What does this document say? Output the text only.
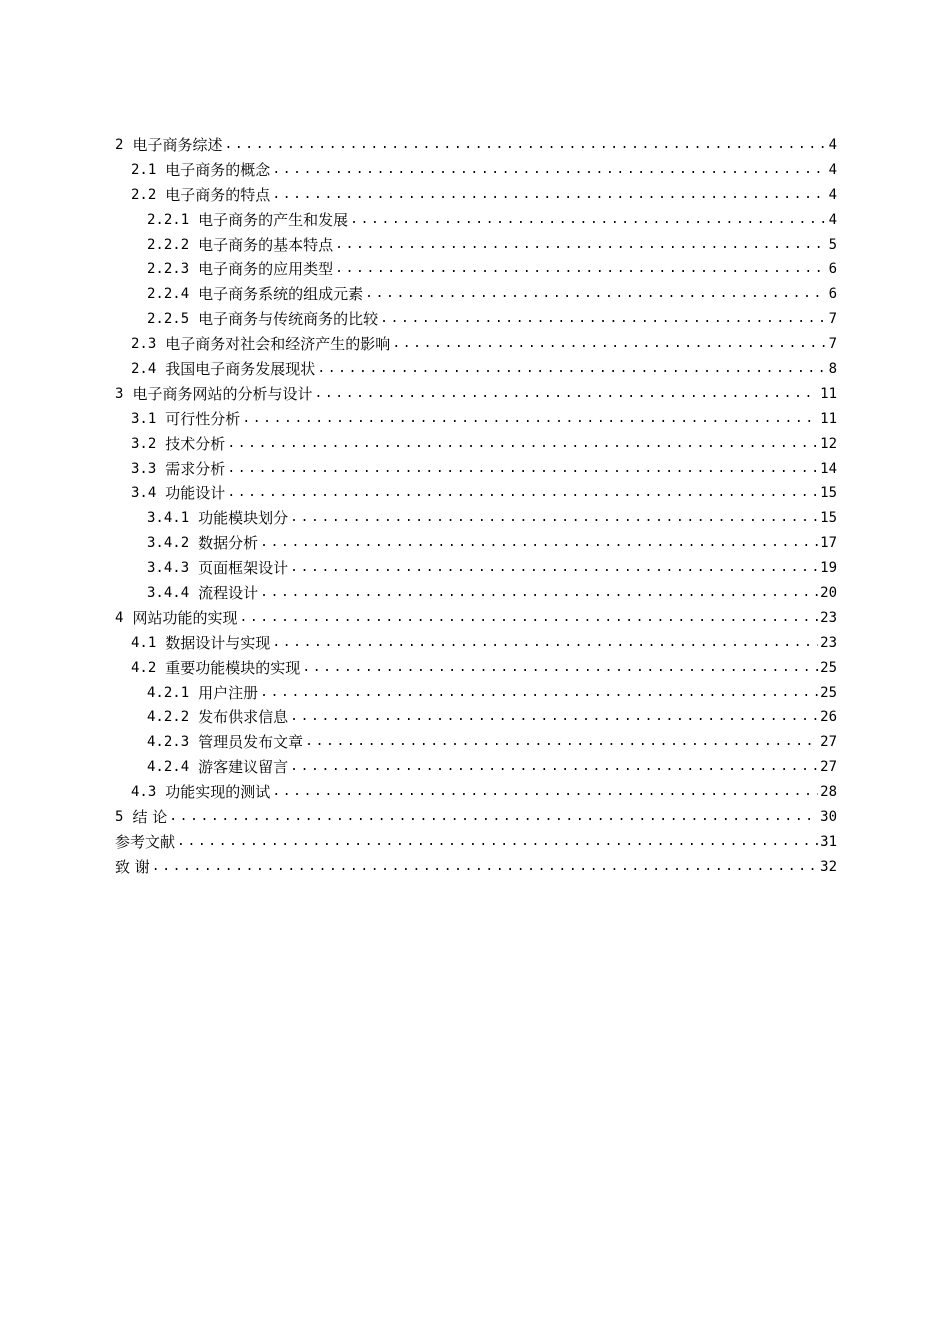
2 电子商务综述 .....	4
2.1 电子商务的概念 .....	4
2.2 电子商务的特点 .....	4
2.2.1 电子商务的产生和发展 .....	4
2.2.2 电子商务的基本特点 .....	5
2.2.3 电子商务的应用类型 .....	6
2.2.4 电子商务系统的组成元素 .....	6
2.2.5 电子商务与传统商务的比较 .....	7
2.3 电子商务对社会和经济产生的影响 .....	7
2.4 我国电子商务发展现状 .....	8
3 电子商务网站的分析与设计 .....	11
3.1 可行性分析 .....	11
3.2 技术分析 .....	12
3.3 需求分析 .....	14
3.4 功能设计 .....	15
3.4.1 功能模块划分 .....	15
3.4.2 数据分析 .....	17
3.4.3 页面框架设计 .....	19
3.4.4 流程设计 .....	20
4 网站功能的实现 .....	23
4.1 数据设计与实现 .....	23
4.2 重要功能模块的实现 .....	25
4.2.1 用户注册 .....	25
4.2.2 发布供求信息 .....	26
4.2.3 管理员发布文章 .....	27
4.2.4 游客建议留言 .....	27
4.3 功能实现的测试 .....	28
5 结 论 .....	30
参考文献 .....	31
致 谢 .....	32
